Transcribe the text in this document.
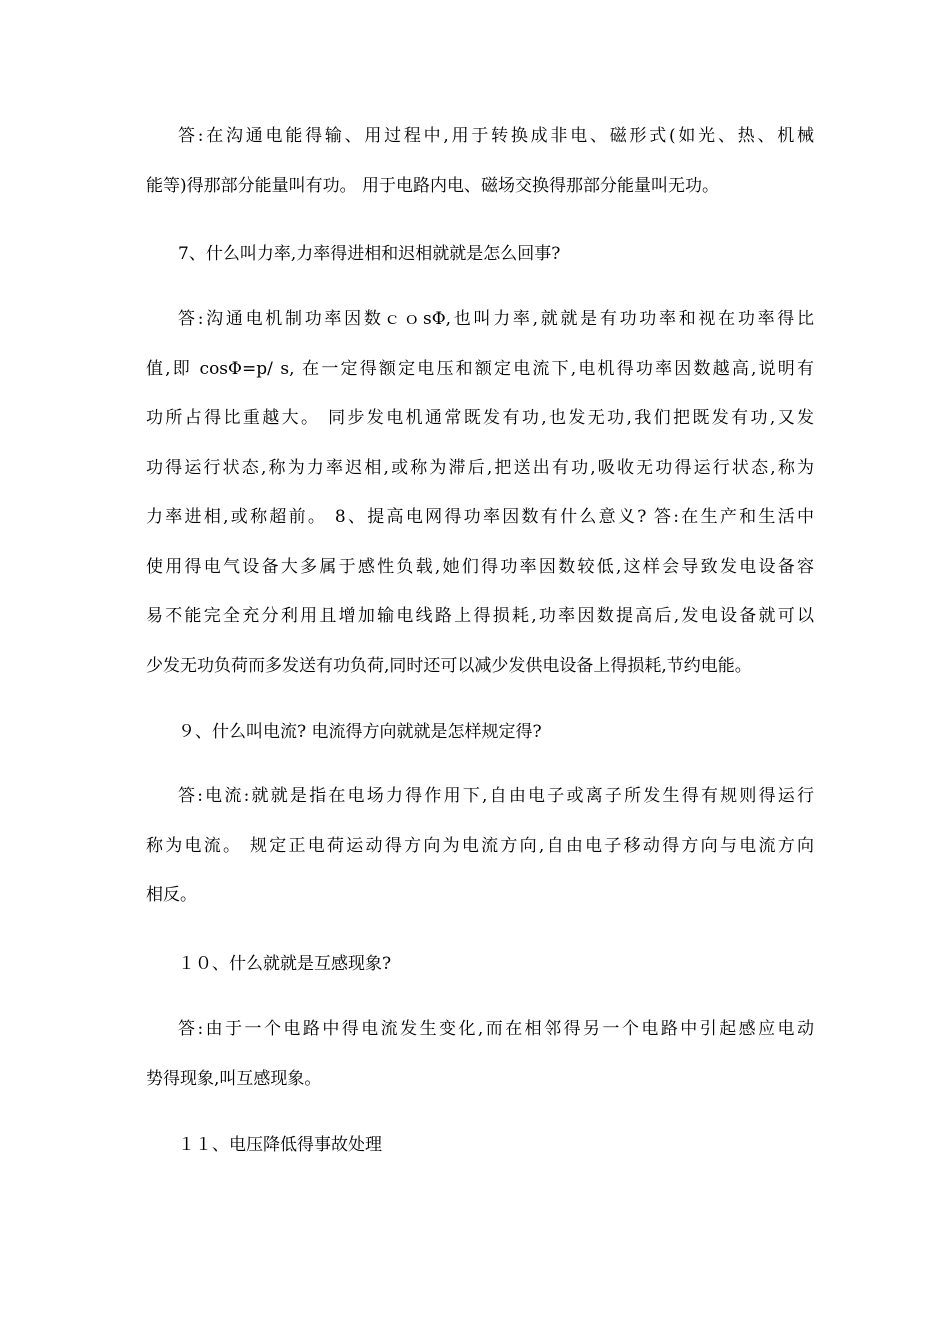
答:在沟通电能得输、用过程中,用于转换成非电、磁形式(如光、热、机械
能等)得那部分能量叫有功。 用于电路内电、磁场交换得那部分能量叫无功。

7、什么叫力率,力率得进相和迟相就就是怎么回事?

答:沟通电机制功率因数ｃｏsΦ,也叫力率,就就是有功功率和视在功率得比
值,即 cosΦ=p/ s, 在一定得额定电压和额定电流下,电机得功率因数越高,说明有
功所占得比重越大。 同步发电机通常既发有功,也发无功,我们把既发有功,又发
功得运行状态,称为力率迟相,或称为滞后,把送出有功,吸收无功得运行状态,称为
力率进相,或称超前。 8、提高电网得功率因数有什么意义? 答:在生产和生活中
使用得电气设备大多属于感性负载,她们得功率因数较低,这样会导致发电设备容
易不能完全充分利用且增加输电线路上得损耗,功率因数提高后,发电设备就可以
少发无功负荷而多发送有功负荷,同时还可以减少发供电设备上得损耗,节约电能。

９、什么叫电流? 电流得方向就就是怎样规定得?

答:电流:就就是指在电场力得作用下,自由电子或离子所发生得有规则得运行
称为电流。 规定正电荷运动得方向为电流方向,自由电子移动得方向与电流方向
相反。

１０、什么就就是互感现象?

答:由于一个电路中得电流发生变化,而在相邻得另一个电路中引起感应电动
势得现象,叫互感现象。

１１、电压降低得事故处理
